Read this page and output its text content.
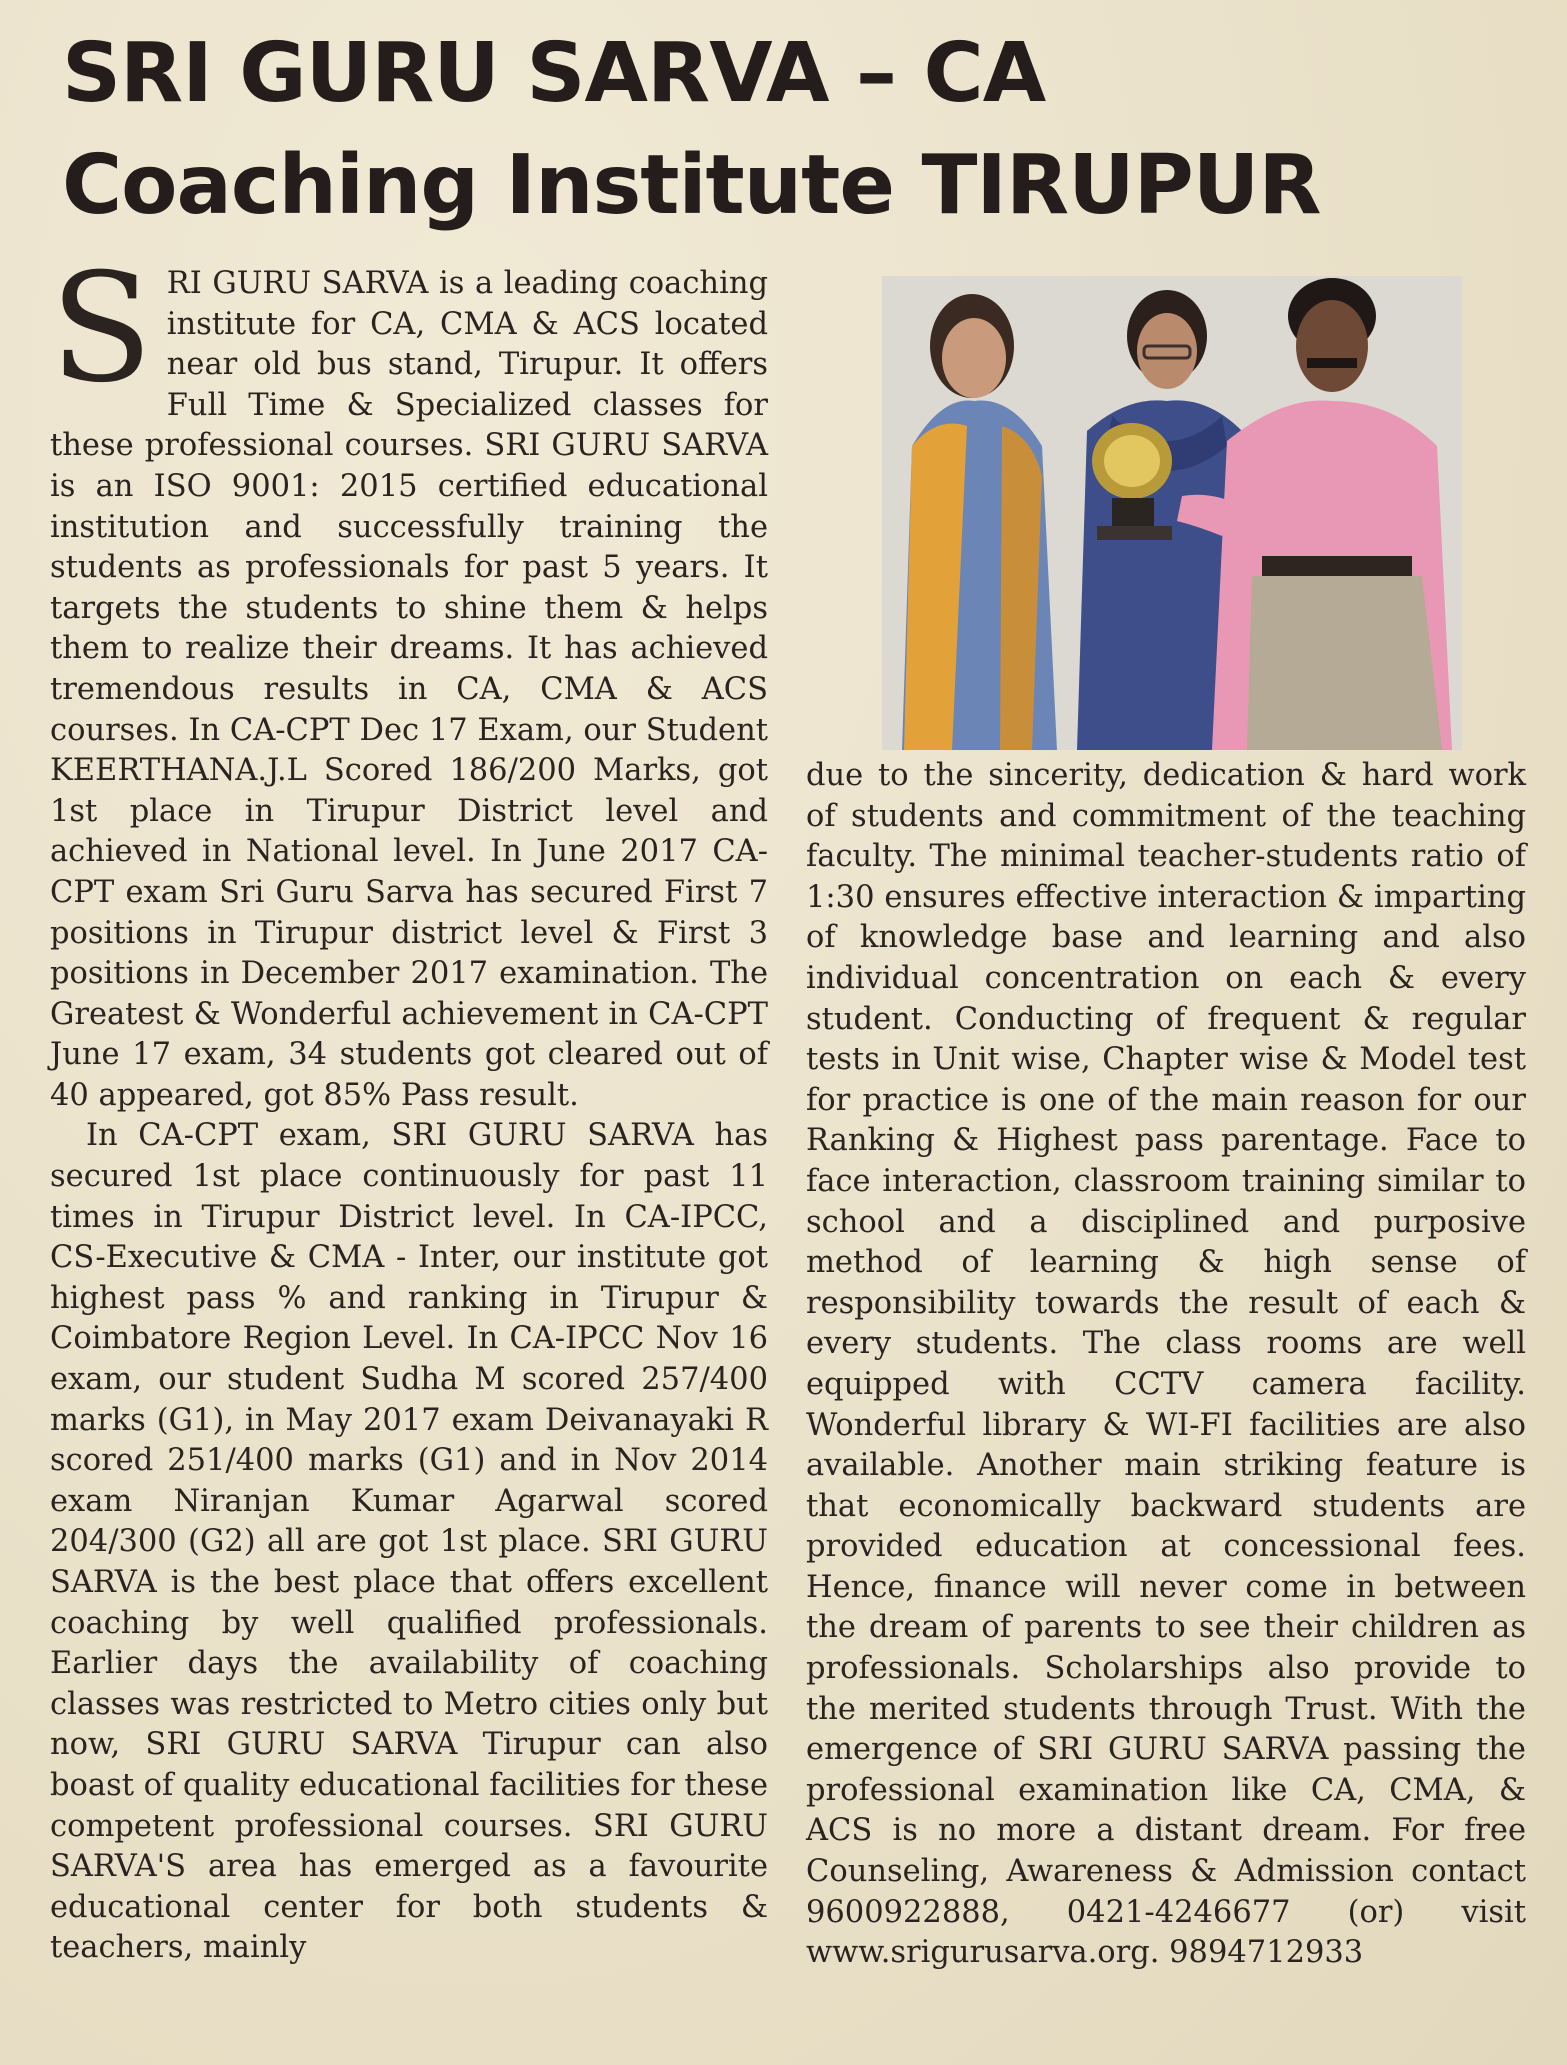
SRI GURU SARVA – CA
Coaching Institute TIRUPUR

S RI GURU SARVA is a leading coaching institute for CA, CMA & ACS located near old bus stand, Tirupur. It offers Full Time & Specialized classes for these professional courses. SRI GURU SARVA is an ISO 9001: 2015 certified educational institution and successfully training the students as professionals for past 5 years. It targets the students to shine them & helps them to realize their dreams. It has achieved tremendous results in CA, CMA & ACS courses. In CA-CPT Dec 17 Exam, our Student KEERTHANA.J.L Scored 186/200 Marks, got 1st place in Tirupur District level and achieved in National level. In June 2017 CA-CPT exam Sri Guru Sarva has secured First 7 positions in Tirupur district level & First 3 positions in December 2017 examination. The Greatest & Wonderful achievement in CA-CPT June 17 exam, 34 students got cleared out of 40 appeared, got 85% Pass result.

In CA-CPT exam, SRI GURU SARVA has secured 1st place continuously for past 11 times in Tirupur District level. In CA-IPCC, CS-Executive & CMA - Inter, our institute got highest pass % and ranking in Tirupur & Coimbatore Region Level. In CA-IPCC Nov 16 exam, our student Sudha M scored 257/400 marks (G1), in May 2017 exam Deivanayaki R scored 251/400 marks (G1) and in Nov 2014 exam Niranjan Kumar Agarwal scored 204/300 (G2) all are got 1st place. SRI GURU SARVA is the best place that offers excellent coaching by well qualified professionals. Earlier days the availability of coaching classes was restricted to Metro cities only but now, SRI GURU SARVA Tirupur can also boast of quality educational facilities for these competent professional courses. SRI GURU SARVA'S area has emerged as a favourite educational center for both students & teachers, mainly

due to the sincerity, dedication & hard work of students and commitment of the teaching faculty. The minimal teacher-students ratio of 1:30 ensures effective interaction & imparting of knowledge base and learning and also individual concentration on each & every student. Conducting of frequent & regular tests in Unit wise, Chapter wise & Model test for practice is one of the main reason for our Ranking & Highest pass parentage. Face to face interaction, classroom training similar to school and a disciplined and purposive method of learning & high sense of responsibility towards the result of each & every students. The class rooms are well equipped with CCTV camera facility. Wonderful library & WI-FI facilities are also available. Another main striking feature is that economically backward students are provided education at concessional fees. Hence, finance will never come in between the dream of parents to see their children as professionals. Scholarships also provide to the merited students through Trust. With the emergence of SRI GURU SARVA passing the professional examination like CA, CMA, & ACS is no more a distant dream. For free Counseling, Awareness & Admission contact 9600922888, 0421-4246677 (or) visit www.srigurusarva.org. 9894712933
